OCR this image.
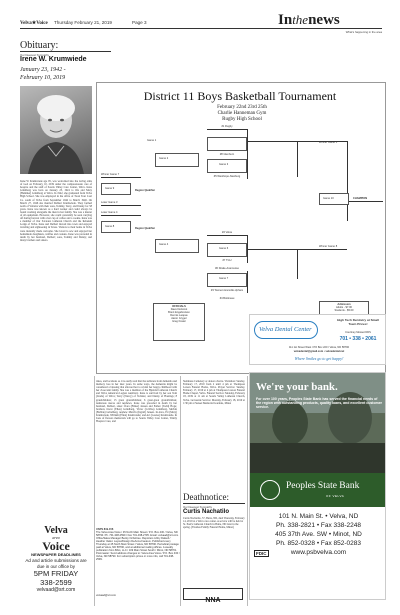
Velva★Voice Thursday February 21, 2019	Page 3	Inthenews
What's happening in the area
Obituary:
Our Deepest Sympathy
Irene W. Krumwiede
January 23, 1942 -
February 10, 2019
Irene W Krumwiede age 95, was welcomed into the loving arms of God on February 10, 2019 under the compassionate care of hospice and the staff of Souris Valley Care Center, Velva. Irene Grindberg was born on January 23, 1924 to Ole and Mary (Hammer) Grindberg at Velva. In 1942, she graduated from Velva High School. She was employed in the office of Trout Tour Coal Co. south of Velva from September 1942 to March 1946. On March 27, 1946 she married Delbert Krumwiede. They farmed north of Voltaire with their sons, Tommy, Terry, and Danny for 58 years. Irene was known as a hard worker and could always be found working alongside the men in her family. She was a master of all equipment. However, she could constantly be seen carrying off during harvest with a hot cup of coffee and a cookie. Irene was a member of Our Saviours Lutheran Church and the Rebekah Lodge of Velva. Irene and Delbert moved into town and enjoyed traveling and sightseeing in Texas. Visitors to their home in Velva were instantly made welcome. She loved to sew and enjoyed her homemade doughnuts, waffles and cookies. Irene was preceded in death by her husband, Delbert; sons, Tommy and Danny; and many brothers and sisters.
dates, and locations so it is easily read that the sufferers from dementia and memory loss in her later years. In some ways, the dementia might be considered a blessing that allowed her to revisit her happy childhood with her close knit family. She was a member of the Hjertdal Lutheran Church and Velva American Legion Auxiliary. Irene is survived by her son Tom (Linda) of Velva; Terry (Nancy) of Voltaire; and Danny of Hastings; 8 grandchildren; 15 great grandchildren; 6 great-great grandchildren; numerous nieces and nephews. Irene was preceded in death by her husband, Delbert, sister Clara (Elmer) Jensen and Esther (Todd) Hoge; brothers Oscar (Ellen) Grindberg, Victor (LaVina) Grindberg, Melvin (Bobbie) Grindberg, nephew Marvin (Ingrid) Jensen. In-laws, Ed (Mary) Krumwiede, William (Ellen) Krumwiede; and Art (Louise) Krumwiede. In Lieu of flowers memorials will go to Souris Valley Care Center, Trinity Hospice Care, and
Steinhaus Cemetery or donors choice. Visitation: Sunday, February 17, 2019 from 2 until 4 pm at Thompson Larson Funeral Home, Velva. Prayer Service: Sunday, February 17, 2019 at 4 pm at Thompson Larson Funeral Home Chapel, Velva. Funeral Service: Monday, February 18, 2019 at 11 am at Souris Valley Lutheran Church, Velva. Graveside Service: Monday, February 18, 2019 at 1:30 pm at Sunset Memorial Gardens, Minot
District 11 Boys Basketball Tournament
February 22nd 23rd 25th
Charlie Hanneman Gym
Rugby High School
#1 Rugby
Game 1
#8 Glenburn
Game 2
Game 3
#5 Westhope-Newburg
Winner Game 5
Winner Game 7
Game 9
Region Qualifier
Loser Game 3
Loser Game 4
Game 8
Region Qualifier
Game 10	CHAMPION
#2 Velva
Game 4
Game 6
#7 TGU
#6 Drake-Anamoose
Game 7
#3 Towner-Granville-Upham
Winner Game 8
#4 Bottineau
OFFICIALS
Dave DeGroot
Brent Engebretson
Dennis Laqoue
Aaron Gryger
Greg Foster
Admission
Adults - $7.00
Students - $5.00
Velva Dental Center
High Tech Dentistry at Small Town Prices!
Courtney Mosset DDS
701 • 338 • 2061
111 1st Street West / PO Box 220 / Velva, ND 58790
velvadental@gmail.com • velvadental.net
Where Smiles go to get happy!
Deathnotice:
Our Deepest Sympathy
Curtis Nachatilo
Curtis Nachatilo, 57, Butte, ND, died Thursday, February 14, 2019 at a Velva care center. A service will be held at St. Paul's Lutheran Church in Butte, ND later in the spring. (Thomas Family Funeral Home, Minot)
We're your bank.
For over 100 years, Peoples State Bank has served the financial needs of the region with outstanding products, quality loans, and excellent customer service.
Peoples State Bank
OF VELVA
101 N. Main St. • Velva, ND
Ph. 338-2821 • Fax 338-2248
405 37th Ave. SW • Minot, ND
Ph. 852-0328 • Fax 852-0283
FDIC	www.psbvelva.com
Velva
area
Voice
NEWSPAPER DEADLINES
Ad and article submissions are due in our office by
5PM FRIDAY
338-2599
velvaad@srt.com
USPS 819-156
The Velva Area Voice / 45 North Main Street / P.O. Box 430 / Velva, ND 58790. Ph. 701-338-2599 / Fax 701-338-2705. Email: velvaad@srt.com. Office/Sales Manager Becky Ocheltree. Reporters Libby Dalsell / Heather Vader. Layout/Design DeAnna Fauteux. Published every Thursday at 45 North Main Street / Velva, ND 58790. Periodical postage paid at Velva, ND 58790, and at additional mailing offices. A weekly publication from BAG, LLC / 109 Main Street South / Minot, ND 58701. Postmaster: Send address changes to: Velva Area Voice / P.O. Box 430 / Velva, ND 58790. For subscription prices or more info, call 701-338-2599.
velvaad@srt.com
NNA
